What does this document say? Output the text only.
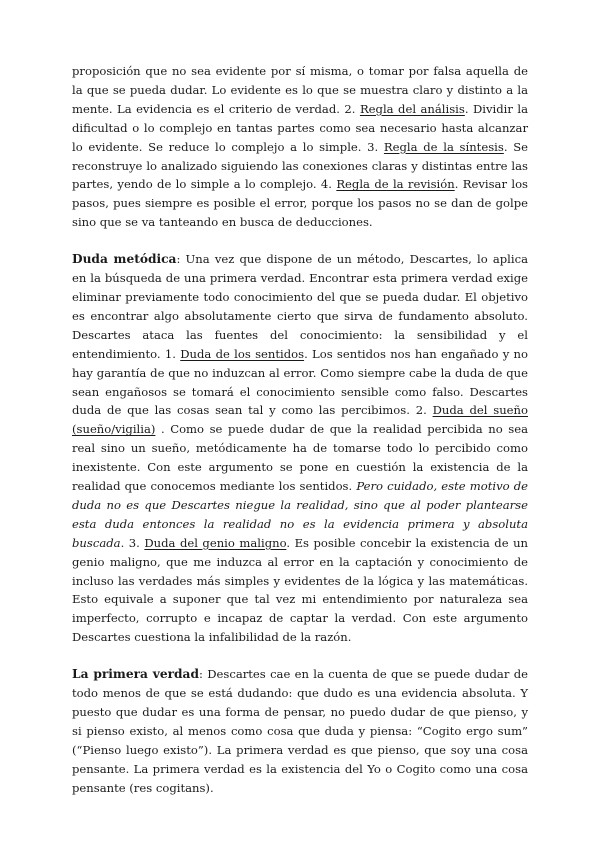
proposición que no sea evidente por sí misma, o tomar por falsa aquella de la que se pueda dudar. Lo evidente es lo que se muestra claro y distinto a la mente. La evidencia es el criterio de verdad. 2. Regla del análisis. Dividir la dificultad o lo complejo en tantas partes como sea necesario hasta alcanzar lo evidente. Se reduce lo complejo a lo simple. 3. Regla de la síntesis. Se reconstruye lo analizado siguiendo las conexiones claras y distintas entre las partes, yendo de lo simple a lo complejo. 4. Regla de la revisión. Revisar los pasos, pues siempre es posible el error, porque los pasos no se dan de golpe sino que se va tanteando en busca de deducciones.

Duda metódica: Una vez que dispone de un método, Descartes, lo aplica en la búsqueda de una primera verdad. Encontrar esta primera verdad exige eliminar previamente todo conocimiento del que se pueda dudar. El objetivo es encontrar algo absolutamente cierto que sirva de fundamento absoluto. Descartes ataca las fuentes del conocimiento: la sensibilidad y el entendimiento. 1. Duda de los sentidos. Los sentidos nos han engañado y no hay garantía de que no induzcan al error. Como siempre cabe la duda de que sean engañosos se tomará el conocimiento sensible como falso. Descartes duda de que las cosas sean tal y como las percibimos. 2. Duda del sueño (sueño/vigilia) . Como se puede dudar de que la realidad percibida no sea real sino un sueño, metódicamente ha de tomarse todo lo percibido como inexistente. Con este argumento se pone en cuestión la existencia de la realidad que conocemos mediante los sentidos. Pero cuidado, este motivo de duda no es que Descartes niegue la realidad, sino que al poder plantearse esta duda entonces la realidad no es la evidencia primera y absoluta buscada. 3. Duda del genio maligno. Es posible concebir la existencia de un genio maligno, que me induzca al error en la captación y conocimiento de incluso las verdades más simples y evidentes de la lógica y las matemáticas. Esto equivale a suponer que tal vez mi entendimiento por naturaleza sea imperfecto, corrupto e incapaz de captar la verdad. Con este argumento Descartes cuestiona la infalibilidad de la razón.

La primera verdad: Descartes cae en la cuenta de que se puede dudar de todo menos de que se está dudando: que dudo es una evidencia absoluta. Y puesto que dudar es una forma de pensar, no puedo dudar de que pienso, y si pienso existo, al menos como cosa que duda y piensa: “Cogito ergo sum” (“Pienso luego existo”). La primera verdad es que pienso, que soy una cosa pensante. La primera verdad es la existencia del Yo o Cogito como una cosa pensante (res cogitans).
